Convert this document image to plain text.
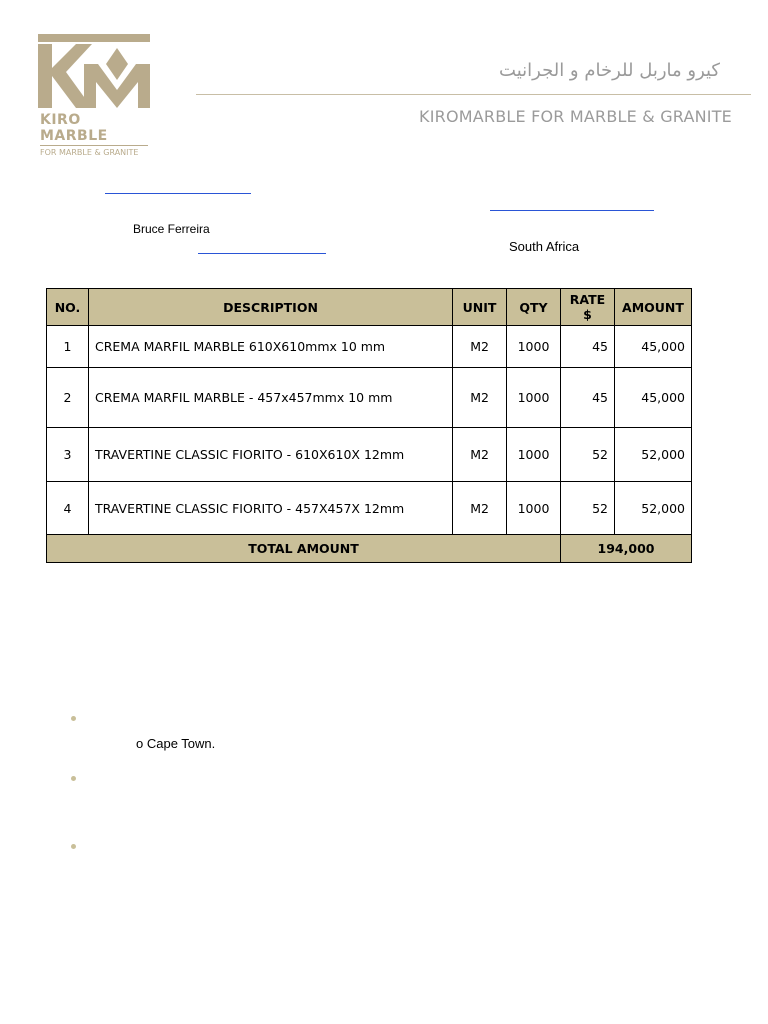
KIRO MARBLE
FOR MARBLE & GRANITE
كيرو ماربل للرخام و الجرانيت
KIROMARBLE FOR MARBLE & GRANITE
Bruce Ferreira
South Africa
NO.	DESCRIPTION	UNIT	QTY	RATE $	AMOUNT
1	CREMA MARFIL MARBLE 610X610mmx 10 mm	M2	1000	45	45,000
2	CREMA MARFIL MARBLE - 457x457mmx 10 mm	M2	1000	45	45,000
3	TRAVERTINE CLASSIC FIORITO - 610X610X 12mm	M2	1000	52	52,000
4	TRAVERTINE CLASSIC FIORITO - 457X457X 12mm	M2	1000	52	52,000
TOTAL AMOUNT				194,000	
o Cape Town.
